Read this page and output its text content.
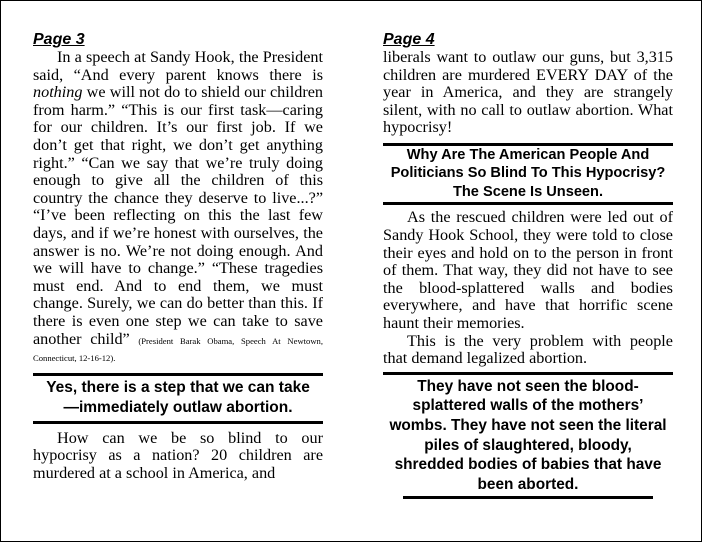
Page 3

In a speech at Sandy Hook, the President said, “And every parent knows there is nothing we will not do to shield our children from harm.” “This is our first task—caring for our children. It’s our first job. If we don’t get that right, we don’t get anything right.” “Can we say that we’re truly doing enough to give all the children of this country the chance they deserve to live...?” “I’ve been reflecting on this the last few days, and if we’re honest with ourselves, the answer is no. We’re not doing enough. And we will have to change.” “These tragedies must end. And to end them, we must change. Surely, we can do better than this. If there is even one step we can take to save another child” (President Barak Obama, Speech At Newtown, Connecticut, 12-16-12).

Yes, there is a step that we can take—immediately outlaw abortion.

How can we be so blind to our hypocrisy as a nation? 20 children are murdered at a school in America, and

Page 4

liberals want to outlaw our guns, but 3,315 children are murdered EVERY DAY of the year in America, and they are strangely silent, with no call to outlaw abortion. What hypocrisy!

Why Are The American People And Politicians So Blind To This Hypocrisy? The Scene Is Unseen.

As the rescued children were led out of Sandy Hook School, they were told to close their eyes and hold on to the person in front of them. That way, they did not have to see the blood-splattered walls and bodies everywhere, and have that horrific scene haunt their memories.

This is the very problem with people that demand legalized abortion.

They have not seen the blood-splattered walls of the mothers’ wombs. They have not seen the literal piles of slaughtered, bloody, shredded bodies of babies that have been aborted.
